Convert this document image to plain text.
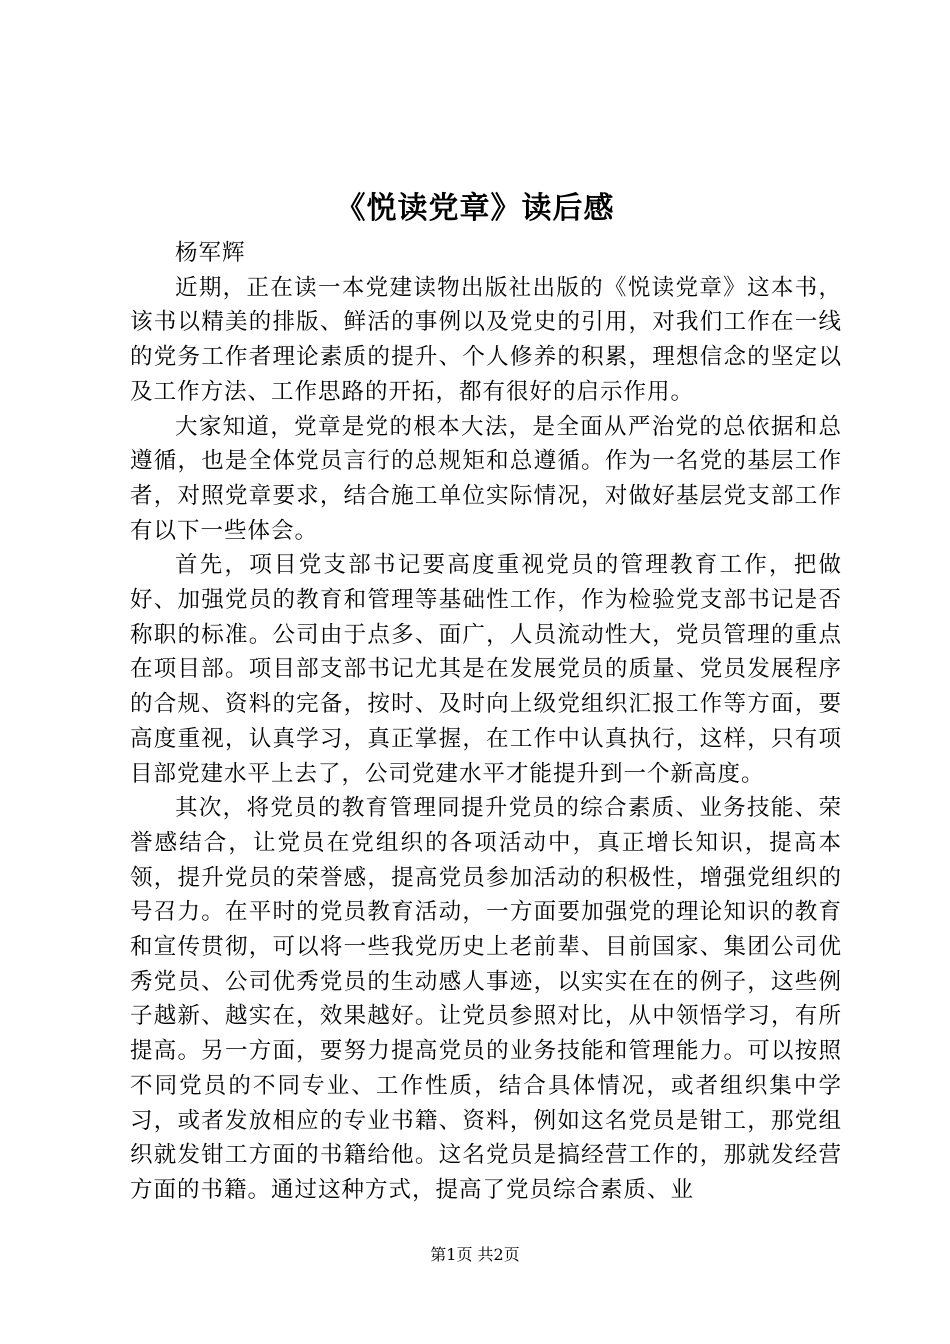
《悦读党章》读后感

杨军辉

近期，正在读一本党建读物出版社出版的《悦读党章》这本书，该书以精美的排版、鲜活的事例以及党史的引用，对我们工作在一线的党务工作者理论素质的提升、个人修养的积累，理想信念的坚定以及工作方法、工作思路的开拓，都有很好的启示作用。

大家知道，党章是党的根本大法，是全面从严治党的总依据和总遵循，也是全体党员言行的总规矩和总遵循。作为一名党的基层工作者，对照党章要求，结合施工单位实际情况，对做好基层党支部工作有以下一些体会。

首先，项目党支部书记要高度重视党员的管理教育工作，把做好、加强党员的教育和管理等基础性工作，作为检验党支部书记是否称职的标准。公司由于点多、面广，人员流动性大，党员管理的重点在项目部。项目部支部书记尤其是在发展党员的质量、党员发展程序的合规、资料的完备，按时、及时向上级党组织汇报工作等方面，要高度重视，认真学习，真正掌握，在工作中认真执行，这样，只有项目部党建水平上去了，公司党建水平才能提升到一个新高度。

其次，将党员的教育管理同提升党员的综合素质、业务技能、荣誉感结合，让党员在党组织的各项活动中，真正增长知识，提高本领，提升党员的荣誉感，提高党员参加活动的积极性，增强党组织的号召力。在平时的党员教育活动，一方面要加强党的理论知识的教育和宣传贯彻，可以将一些我党历史上老前辈、目前国家、集团公司优秀党员、公司优秀党员的生动感人事迹，以实实在在的例子，这些例子越新、越实在，效果越好。让党员参照对比，从中领悟学习，有所提高。另一方面，要努力提高党员的业务技能和管理能力。可以按照不同党员的不同专业、工作性质，结合具体情况，或者组织集中学习，或者发放相应的专业书籍、资料，例如这名党员是钳工，那党组织就发钳工方面的书籍给他。这名党员是搞经营工作的，那就发经营方面的书籍。通过这种方式，提高了党员综合素质、业

第1页 共2页
